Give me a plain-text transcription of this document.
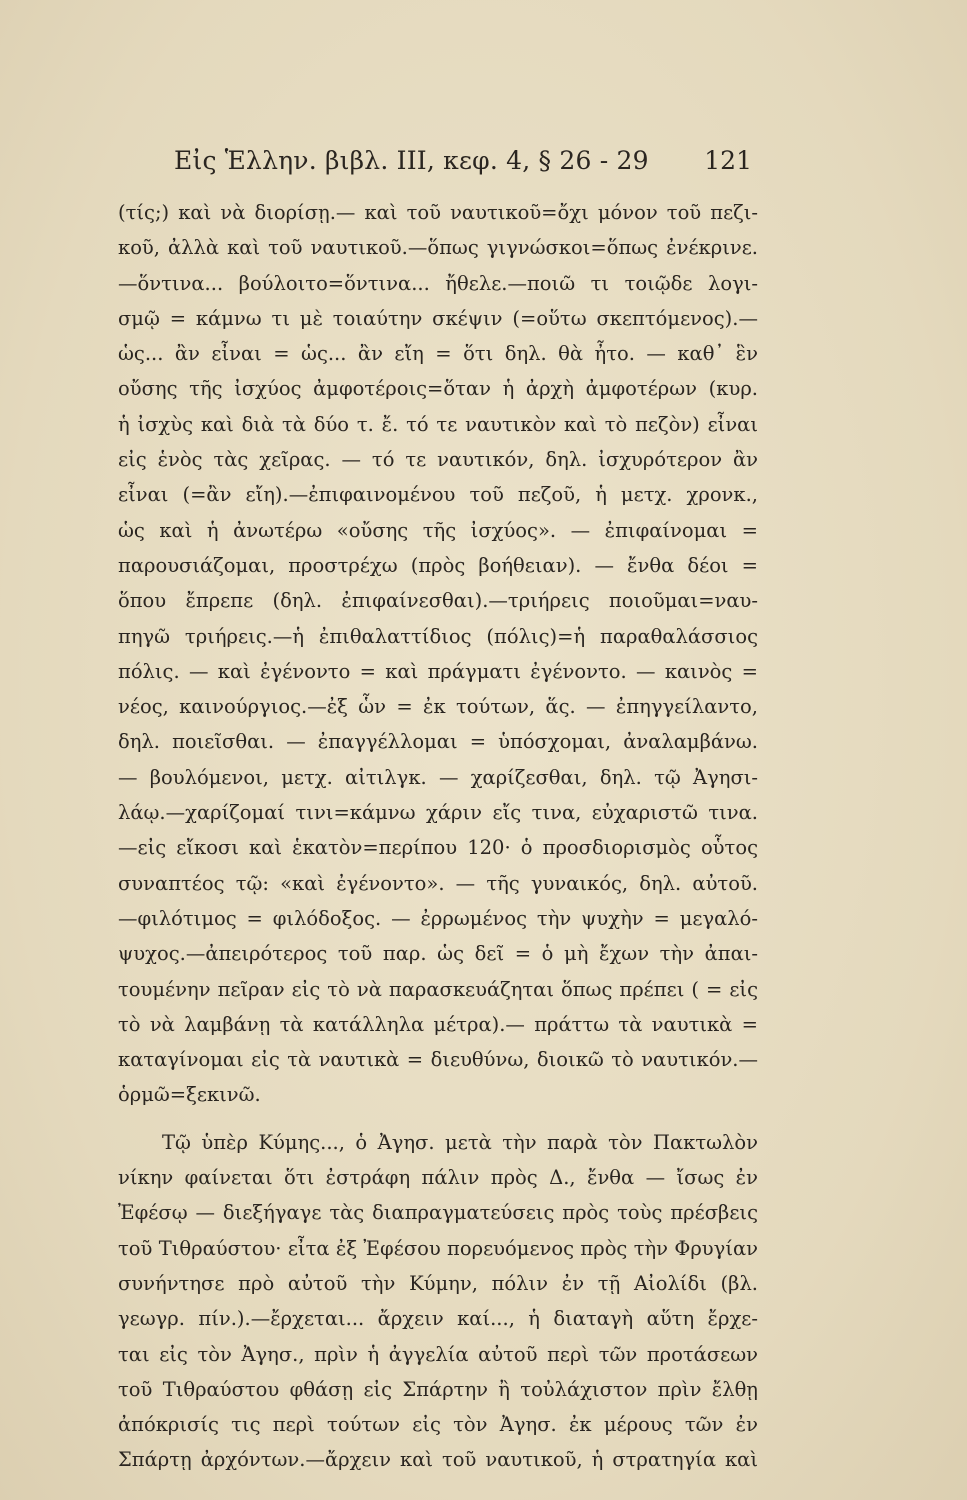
Εἰς Ἑλλην. βιβλ. III, κεφ. 4, § 26 - 29 121
(τίς;) καὶ νὰ διορίσῃ.— καὶ τοῦ ναυτικοῦ=ὄχι μόνον τοῦ πεζι-
κοῦ, ἀλλὰ καὶ τοῦ ναυτικοῦ.—ὅπως γιγνώσκοι=ὅπως ἐνέκρινε.
—ὅντινα... βούλοιτο=ὅντινα... ἤθελε.—ποιῶ τι τοιῷδε λογι-
σμῷ = κάμνω τι μὲ τοιαύτην σκέψιν (=οὕτω σκεπτόμενος).—
ὡς... ἂν εἶναι = ὡς... ἂν εἴη = ὅτι δηλ. θὰ ἦτο. — καθ᾿ ἓν
οὔσης τῆς ἰσχύος ἀμφοτέροις=ὅταν ἡ ἀρχὴ ἀμφοτέρων (κυρ.
ἡ ἰσχὺς καὶ διὰ τὰ δύο τ. ἔ. τό τε ναυτικὸν καὶ τὸ πεζὸν) εἶναι
εἰς ἑνὸς τὰς χεῖρας. — τό τε ναυτικόν, δηλ. ἰσχυρότερον ἂν
εἶναι (=ἂν εἴη).—ἐπιφαινομένου τοῦ πεζοῦ, ἡ μετχ. χρονκ.,
ὡς καὶ ἡ ἀνωτέρω «οὔσης τῆς ἰσχύος». — ἐπιφαίνομαι =
παρουσιάζομαι, προστρέχω (πρὸς βοήθειαν). — ἔνθα δέοι =
ὅπου ἔπρεπε (δηλ. ἐπιφαίνεσθαι).—τριήρεις ποιοῦμαι=ναυ-
πηγῶ τριήρεις.—ἡ ἐπιθαλαττίδιος (πόλις)=ἡ παραθαλάσσιος
πόλις. — καὶ ἐγένοντο = καὶ πράγματι ἐγένοντο. — καινὸς =
νέος, καινούργιος.—ἐξ ὧν = ἐκ τούτων, ἅς. — ἐπηγγείλαντο,
δηλ. ποιεῖσθαι. — ἐπαγγέλλομαι = ὑπόσχομαι, ἀναλαμβάνω.
— βουλόμενοι, μετχ. αἰτιλγκ. — χαρίζεσθαι, δηλ. τῷ Ἀγησι-
λάῳ.—χαρίζομαί τινι=κάμνω χάριν εἴς τινα, εὐχαριστῶ τινα.
—εἰς εἴκοσι καὶ ἑκατὸν=περίπου 120· ὁ προσδιορισμὸς οὗτος
συναπτέος τῷ: «καὶ ἐγένοντο». — τῆς γυναικός, δηλ. αὐτοῦ.
—φιλότιμος = φιλόδοξος. — ἐρρωμένος τὴν ψυχὴν = μεγαλό-
ψυχος.—ἀπειρότερος τοῦ παρ. ὡς δεῖ = ὁ μὴ ἔχων τὴν ἀπαι-
τουμένην πεῖραν εἰς τὸ νὰ παρασκευάζηται ὅπως πρέπει ( = εἰς
τὸ νὰ λαμβάνῃ τὰ κατάλληλα μέτρα).— πράττω τὰ ναυτικὰ =
καταγίνομαι εἰς τὰ ναυτικὰ = διευθύνω, διοικῶ τὸ ναυτικόν.—
ὁρμῶ=ξεκινῶ.
Τῷ ὑπὲρ Κύμης..., ὁ Ἀγησ. μετὰ τὴν παρὰ τὸν Πακτωλὸν
νίκην φαίνεται ὅτι ἐστράφη πάλιν πρὸς Δ., ἔνθα — ἴσως ἐν
Ἐφέσῳ — διεξήγαγε τὰς διαπραγματεύσεις πρὸς τοὺς πρέσβεις
τοῦ Τιθραύστου· εἶτα ἐξ Ἐφέσου πορευόμενος πρὸς τὴν Φρυγίαν
συνήντησε πρὸ αὐτοῦ τὴν Κύμην, πόλιν ἐν τῇ Αἰολίδι (βλ.
γεωγρ. πίν.).—ἔρχεται... ἄρχειν καί..., ἡ διαταγὴ αὕτη ἔρχε-
ται εἰς τὸν Ἀγησ., πρὶν ἡ ἀγγελία αὐτοῦ περὶ τῶν προτάσεων
τοῦ Τιθραύστου φθάσῃ εἰς Σπάρτην ἢ τοὐλάχιστον πρὶν ἔλθῃ
ἀπόκρισίς τις περὶ τούτων εἰς τὸν Ἀγησ. ἐκ μέρους τῶν ἐν
Σπάρτῃ ἀρχόντων.—ἄρχειν καὶ τοῦ ναυτικοῦ, ἡ στρατηγία καὶ
